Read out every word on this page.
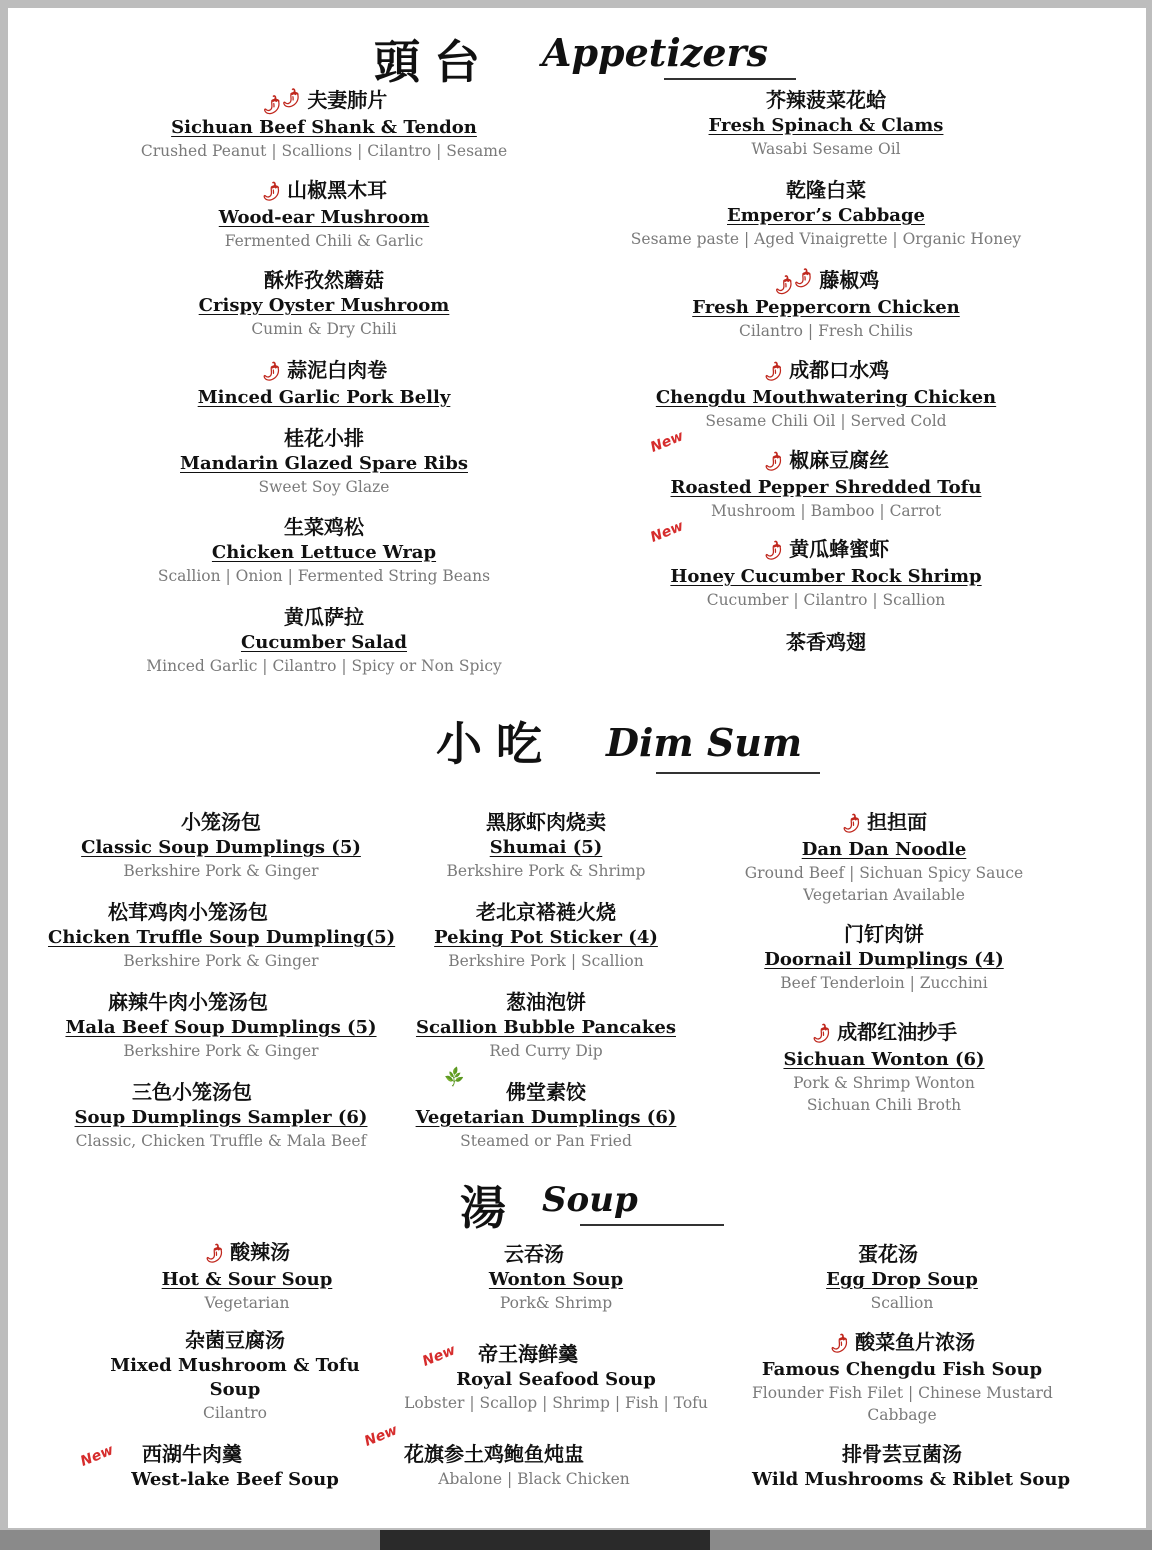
頭台 Appetizers
🌶🌶 夫妻肺片
Sichuan Beef Shank & Tendon
Crushed Peanut | Scallions | Cilantro | Sesame
🌶 山椒黑木耳
Wood-ear Mushroom
Fermented Chili & Garlic
酥炸孜然蘑菇
Crispy Oyster Mushroom
Cumin & Dry Chili
🌶 蒜泥白肉卷
Minced Garlic Pork Belly
桂花小排
Mandarin Glazed Spare Ribs
Sweet Soy Glaze
生菜鸡松
Chicken Lettuce Wrap
Scallion | Onion | Fermented String Beans
黄瓜萨拉
Cucumber Salad
Minced Garlic | Cilantro | Spicy or Non Spicy
芥辣菠菜花蛤
Fresh Spinach & Clams
Wasabi Sesame Oil
乾隆白菜
Emperor’s Cabbage
Sesame paste | Aged Vinaigrette | Organic Honey
🌶🌶 藤椒鸡
Fresh Peppercorn Chicken
Cilantro | Fresh Chilis
🌶 成都口水鸡
Chengdu Mouthwatering Chicken
Sesame Chili Oil | Served Cold
New
🌶 椒麻豆腐丝
Roasted Pepper Shredded Tofu
Mushroom | Bamboo | Carrot
New
🌶 黄瓜蜂蜜虾
Honey Cucumber Rock Shrimp
Cucumber | Cilantro | Scallion
茶香鸡翅
小吃 Dim Sum
小笼汤包
Classic Soup Dumplings (5)
Berkshire Pork & Ginger
松茸鸡肉小笼汤包
Chicken Truffle Soup Dumpling(5)
Berkshire Pork & Ginger
麻辣牛肉小笼汤包
Mala Beef Soup Dumplings (5)
Berkshire Pork & Ginger
三色小笼汤包
Soup Dumplings Sampler (6)
Classic, Chicken Truffle & Mala Beef
黑豚虾肉烧卖
Shumai (5)
Berkshire Pork & Shrimp
老北京褡裢火烧
Peking Pot Sticker (4)
Berkshire Pork | Scallion
葱油泡饼
Scallion Bubble Pancakes
Red Curry Dip
🌿
佛堂素饺
Vegetarian Dumplings (6)
Steamed or Pan Fried
🌶 担担面
Dan Dan Noodle
Ground Beef | Sichuan Spicy Sauce
Vegetarian Available
门钉肉饼
Doornail Dumplings (4)
Beef Tenderloin | Zucchini
🌶 成都红油抄手
Sichuan Wonton (6)
Pork & Shrimp Wonton
Sichuan Chili Broth
湯 Soup
🌶 酸辣汤
Hot & Sour Soup
Vegetarian
杂菌豆腐汤
Mixed Mushroom & Tofu
Soup
Cilantro
New	西湖牛肉羹
West-lake Beef Soup
云吞汤
Wonton Soup
Pork& Shrimp
New	帝王海鲜羹
Royal Seafood Soup
Lobster | Scallop | Shrimp | Fish | Tofu
New
花旗参土鸡鲍鱼炖盅
Abalone | Black Chicken
蛋花汤
Egg Drop Soup
Scallion
🌶 酸菜鱼片浓汤
Famous Chengdu Fish Soup
Flounder Fish Filet | Chinese Mustard
Cabbage
排骨芸豆菌汤
Wild Mushrooms & Riblet Soup
